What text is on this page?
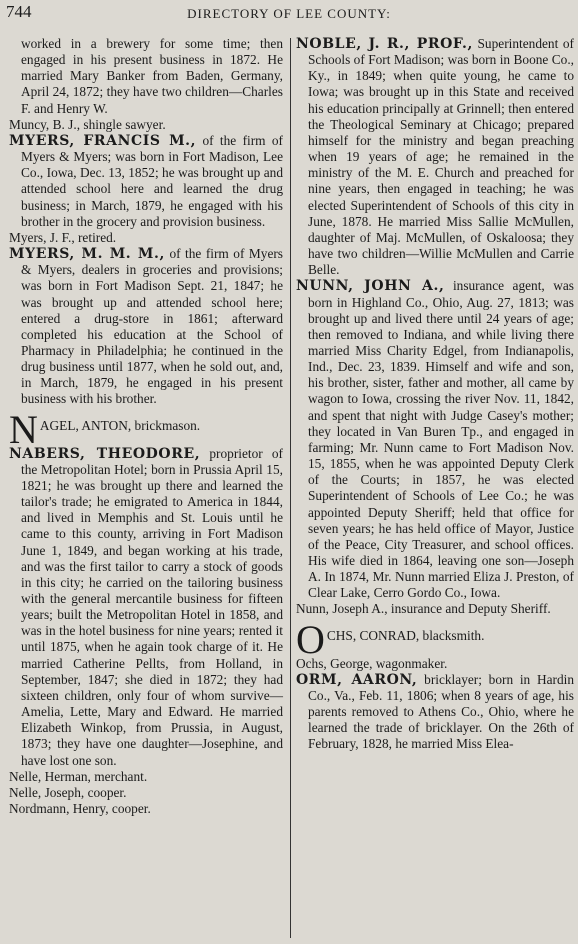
744	DIRECTORY OF LEE COUNTY:

worked in a brewery for some time; then engaged in his present business in 1872. He married Mary Banker from Baden, Germany, April 24, 1872; they have two children—Charles F. and Henry W.

Muncy, B. J., shingle sawyer.

MYERS, FRANCIS M., of the firm of Myers & Myers; was born in Fort Madison, Lee Co., Iowa, Dec. 13, 1852; he was brought up and attended school here and learned the drug business; in March, 1879, he engaged with his brother in the grocery and provision business.

Myers, J. F., retired.

MYERS, M. M. M., of the firm of Myers & Myers, dealers in groceries and provisions; was born in Fort Madison Sept. 21, 1847; he was brought up and attended school here; entered a drug-store in 1861; afterward completed his education at the School of Pharmacy in Philadelphia; he continued in the drug business until 1877, when he sold out, and, in March, 1879, he engaged in his present business with his brother.

N AGEL, ANTON, brickmason.

NABERS, THEODORE, proprietor of the Metropolitan Hotel; born in Prussia April 15, 1821; he was brought up there and learned the tailor's trade; he emigrated to America in 1844, and lived in Memphis and St. Louis until he came to this county, arriving in Fort Madison June 1, 1849, and began working at his trade, and was the first tailor to carry a stock of goods in this city; he carried on the tailoring business with the general mercantile business for fifteen years; built the Metropolitan Hotel in 1858, and was in the hotel business for nine years; rented it until 1875, when he again took charge of it. He married Catherine Pellts, from Holland, in September, 1847; she died in 1872; they had sixteen children, only four of whom survive—Amelia, Lette, Mary and Edward. He married Elizabeth Winkop, from Prussia, in August, 1873; they have one daughter—Josephine, and have lost one son.

Nelle, Herman, merchant.

Nelle, Joseph, cooper.

Nordmann, Henry, cooper.

NOBLE, J. R., PROF., Superintendent of Schools of Fort Madison; was born in Boone Co., Ky., in 1849; when quite young, he came to Iowa; was brought up in this State and received his education principally at Grinnell; then entered the Theological Seminary at Chicago; prepared himself for the ministry and began preaching when 19 years of age; he remained in the ministry of the M. E. Church and preached for nine years, then engaged in teaching; he was elected Superintendent of Schools of this city in June, 1878. He married Miss Sallie McMullen, daughter of Maj. McMullen, of Oskaloosa; they have two children—Willie McMullen and Carrie Belle.

NUNN, JOHN A., insurance agent, was born in Highland Co., Ohio, Aug. 27, 1813; was brought up and lived there until 24 years of age; then removed to Indiana, and while living there married Miss Charity Edgel, from Indianapolis, Ind., Dec. 23, 1839. Himself and wife and son, his brother, sister, father and mother, all came by wagon to Iowa, crossing the river Nov. 11, 1842, and spent that night with Judge Casey's mother; they located in Van Buren Tp., and engaged in farming; Mr. Nunn came to Fort Madison Nov. 15, 1855, when he was appointed Deputy Clerk of the Courts; in 1857, he was elected Superintendent of Schools of Lee Co.; he was appointed Deputy Sheriff; held that office for seven years; he has held office of Mayor, Justice of the Peace, City Treasurer, and school offices. His wife died in 1864, leaving one son—Joseph A. In 1874, Mr. Nunn married Eliza J. Preston, of Clear Lake, Cerro Gordo Co., Iowa.

Nunn, Joseph A., insurance and Deputy Sheriff.

O CHS, CONRAD, blacksmith.

Ochs, George, wagonmaker.

ORM, AARON, bricklayer; born in Hardin Co., Va., Feb. 11, 1806; when 8 years of age, his parents removed to Athens Co., Ohio, where he learned the trade of bricklayer. On the 26th of February, 1828, he married Miss Elea-
